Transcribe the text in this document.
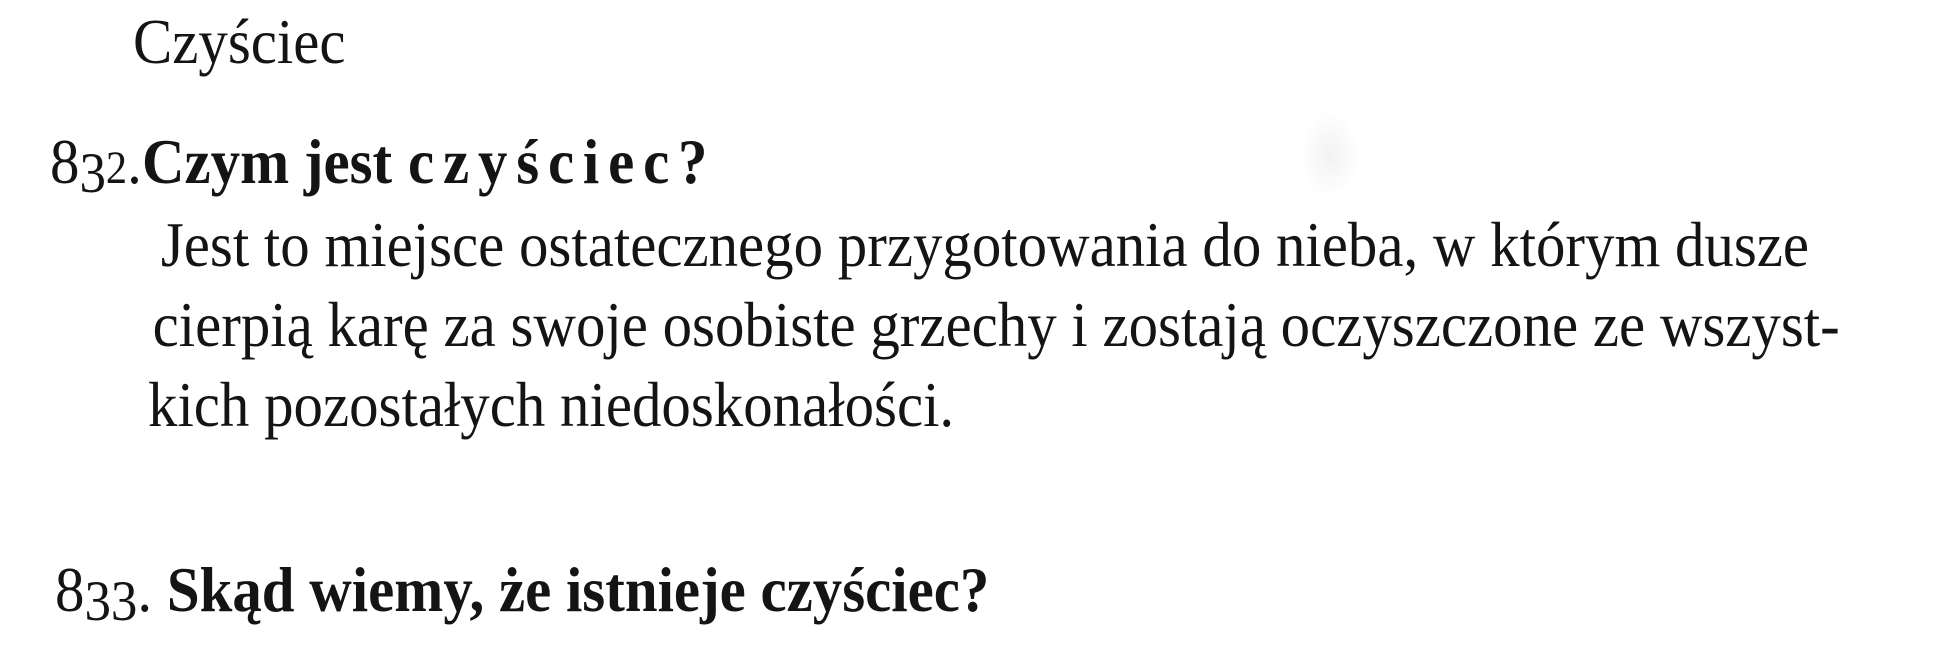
Czyściec
832. Czym jest czyściec?
Jest to miejsce ostatecznego przygotowania do nieba, w którym dusze
cierpią karę za swoje osobiste grzechy i zostają oczyszczone ze wszyst-
kich pozostałych niedoskonałości.
833. Skąd wiemy, że istnieje czyściec?
